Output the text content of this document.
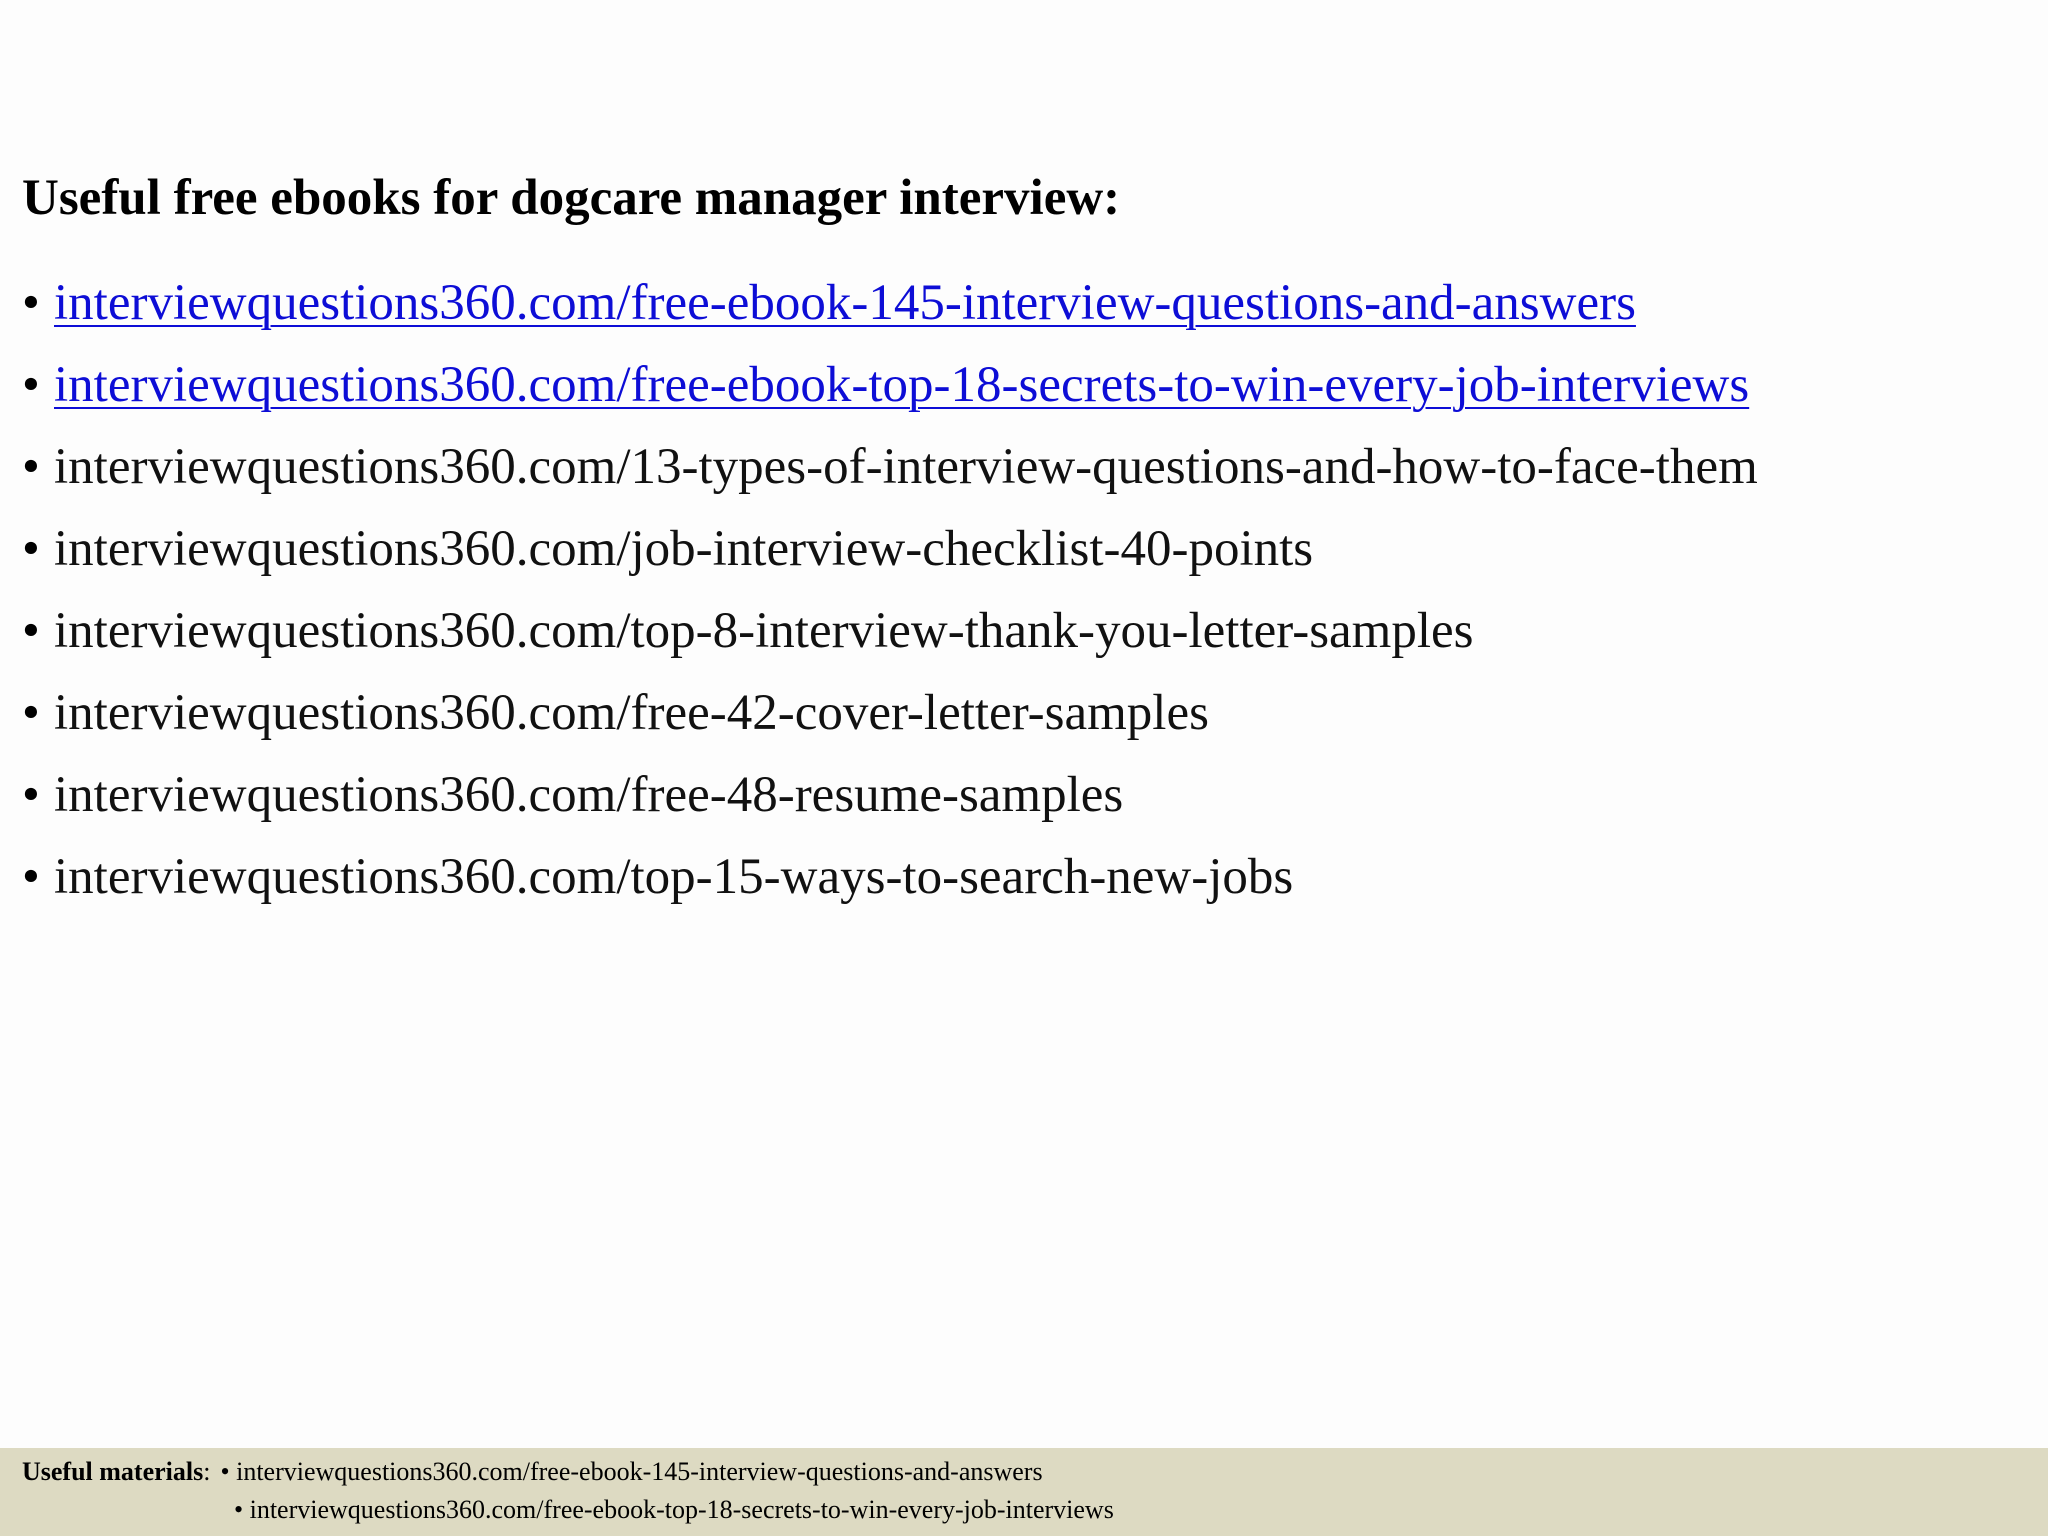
Useful free ebooks for dogcare manager interview:
• interviewquestions360.com/free-ebook-145-interview-questions-and-answers
• interviewquestions360.com/free-ebook-top-18-secrets-to-win-every-job-interviews
• interviewquestions360.com/13-types-of-interview-questions-and-how-to-face-them
• interviewquestions360.com/job-interview-checklist-40-points
• interviewquestions360.com/top-8-interview-thank-you-letter-samples
• interviewquestions360.com/free-42-cover-letter-samples
• interviewquestions360.com/free-48-resume-samples
• interviewquestions360.com/top-15-ways-to-search-new-jobs
Useful materials: • interviewquestions360.com/free-ebook-145-interview-questions-and-answers
• interviewquestions360.com/free-ebook-top-18-secrets-to-win-every-job-interviews
